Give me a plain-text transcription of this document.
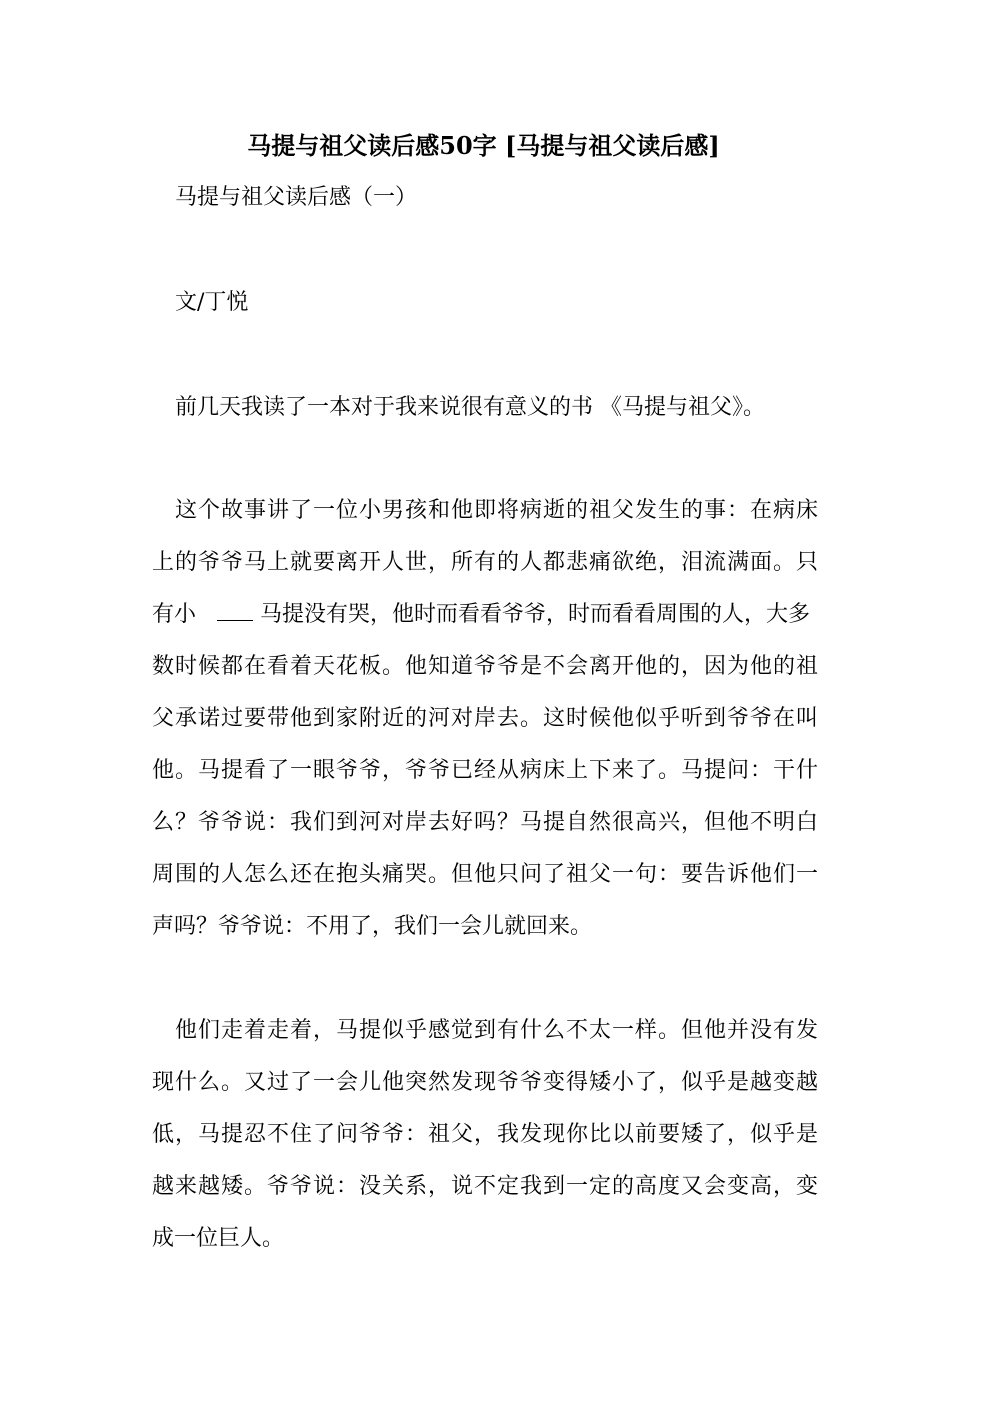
马提与祖父读后感50字 [马提与祖父读后感]
马提与祖父读后感（一）
文/丁悦
前几天我读了一本对于我来说很有意义的书 《马提与祖父》。
这个故事讲了一位小男孩和他即将病逝的祖父发生的事：在病床
上的爷爷马上就要离开人世，所有的人都悲痛欲绝，泪流满面。只
有小	马提没有哭，他时而看看爷爷，时而看看周围的人，大多
数时候都在看着天花板。他知道爷爷是不会离开他的，因为他的祖
父承诺过要带他到家附近的河对岸去。这时候他似乎听到爷爷在叫
他。马提看了一眼爷爷，爷爷已经从病床上下来了。马提问：干什
么？爷爷说：我们到河对岸去好吗？马提自然很高兴，但他不明白
周围的人怎么还在抱头痛哭。但他只问了祖父一句：要告诉他们一
声吗？爷爷说：不用了，我们一会儿就回来。
他们走着走着，马提似乎感觉到有什么不太一样。但他并没有发
现什么。又过了一会儿他突然发现爷爷变得矮小了，似乎是越变越
低，马提忍不住了问爷爷：祖父，我发现你比以前要矮了，似乎是
越来越矮。爷爷说：没关系，说不定我到一定的高度又会变高，变
成一位巨人。
